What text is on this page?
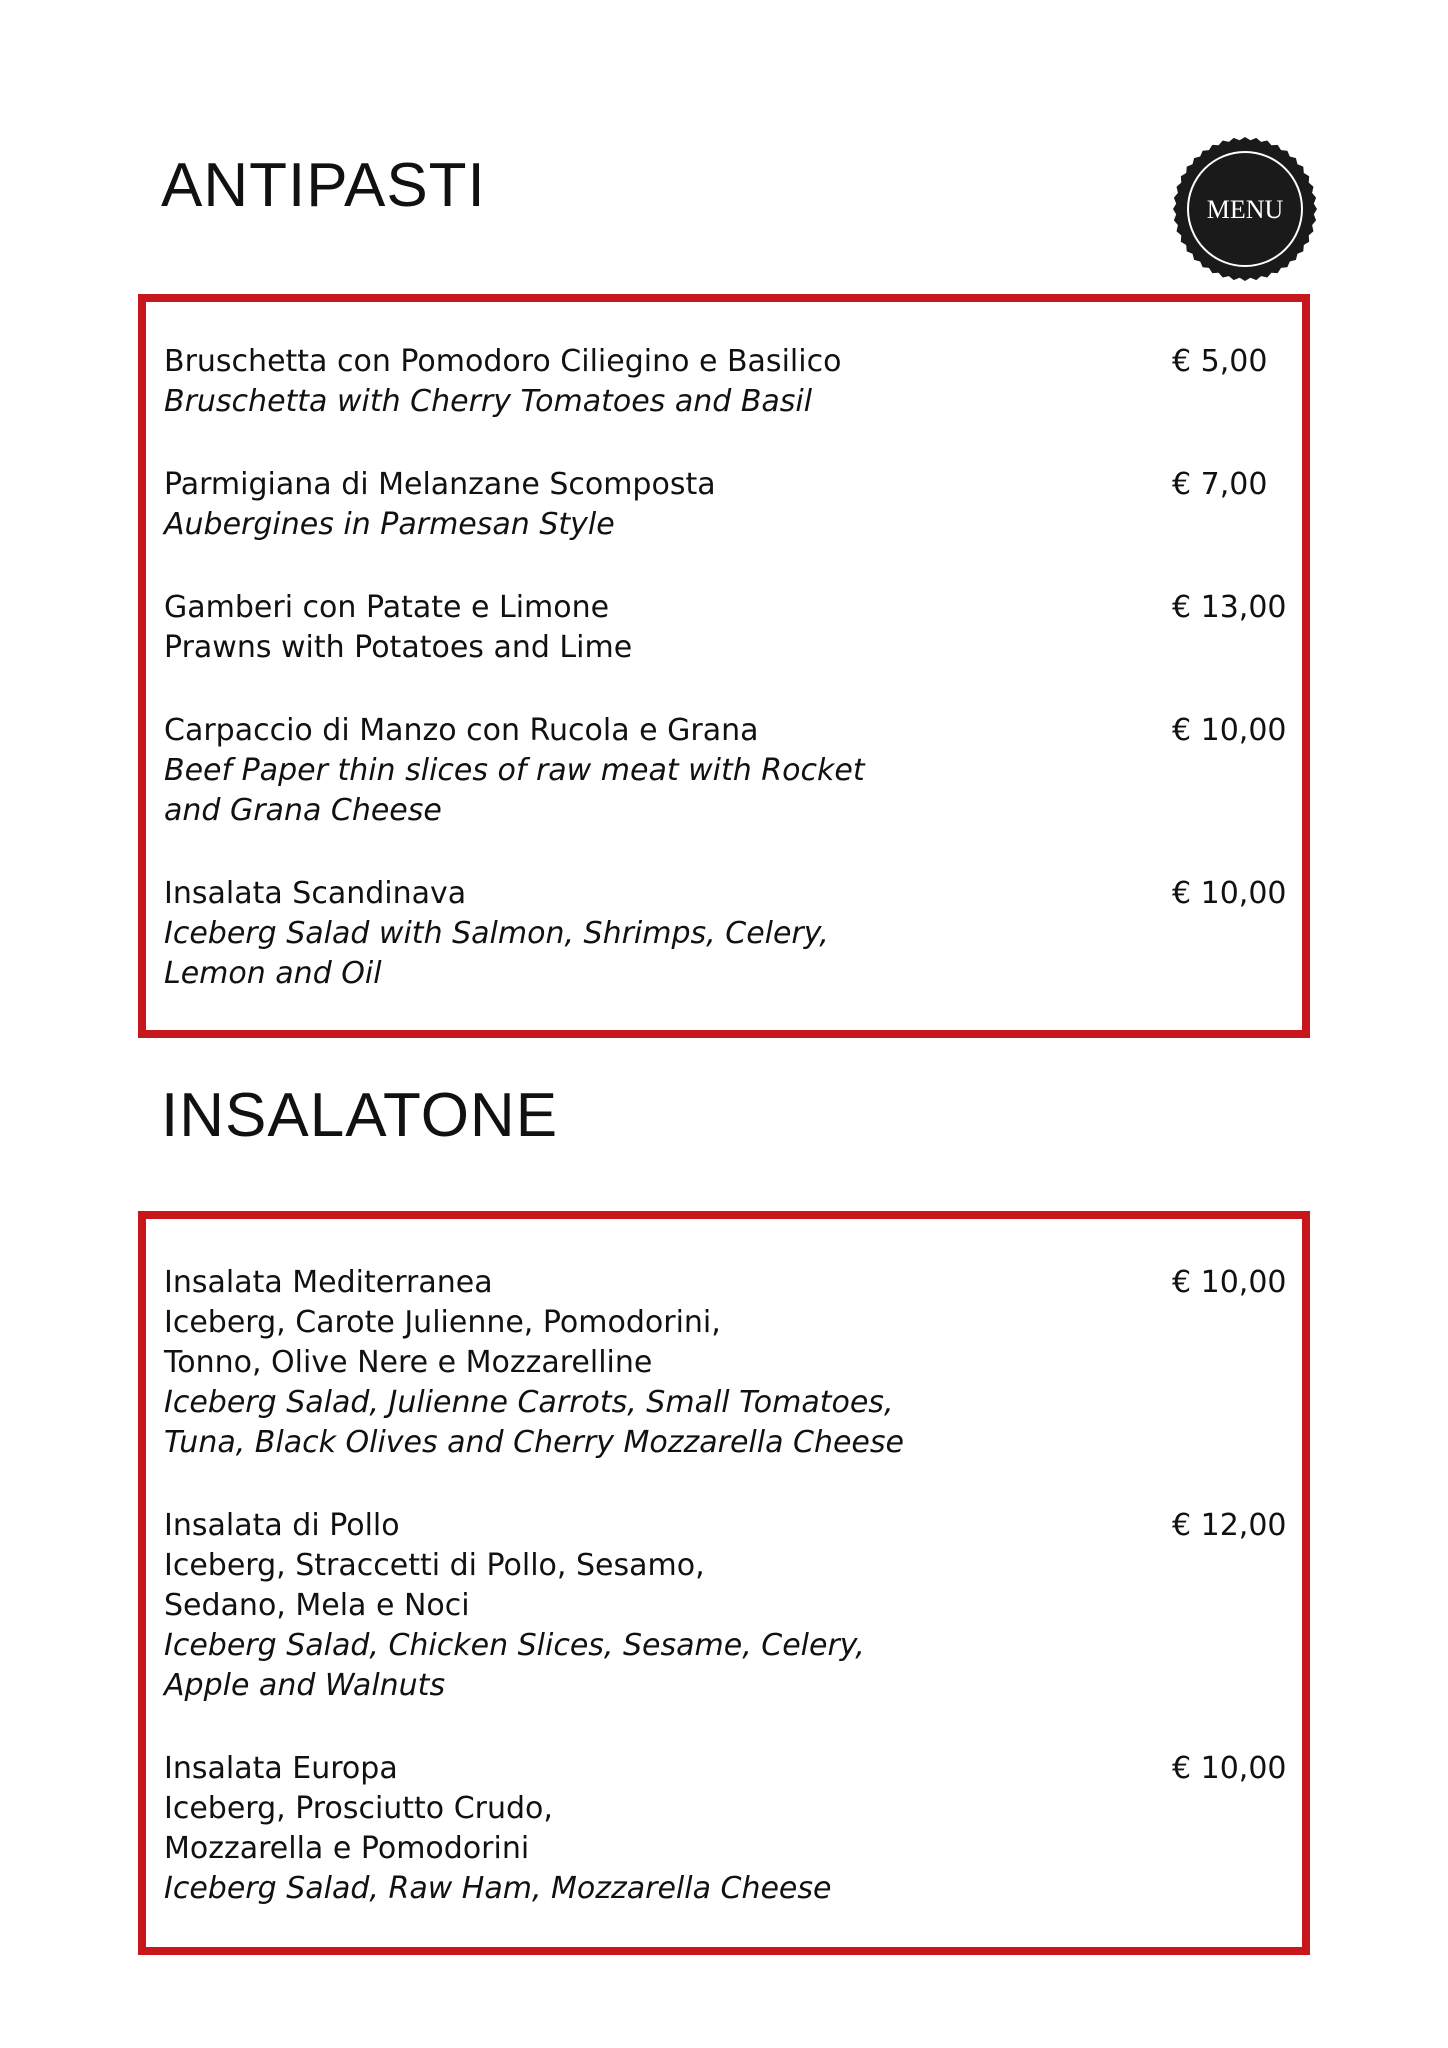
ANTIPASTI	MENU
Bruschetta con Pomodoro Ciliegino e Basilico
Bruschetta with Cherry Tomatoes and Basil
€ 5,00
Parmigiana di Melanzane Scomposta
Aubergines in Parmesan Style
€ 7,00
Gamberi con Patate e Limone
Prawns with Potatoes and Lime
€ 13,00
Carpaccio di Manzo con Rucola e Grana
Beef Paper thin slices of raw meat with Rocket
and Grana Cheese
€ 10,00
Insalata Scandinava
Iceberg Salad with Salmon, Shrimps, Celery,
Lemon and Oil
€ 10,00
INSALATONE
Insalata Mediterranea
Iceberg, Carote Julienne, Pomodorini,
Tonno, Olive Nere e Mozzarelline
Iceberg Salad, Julienne Carrots, Small Tomatoes,
Tuna, Black Olives and Cherry Mozzarella Cheese
€ 10,00
Insalata di Pollo
Iceberg, Straccetti di Pollo, Sesamo,
Sedano, Mela e Noci
Iceberg Salad, Chicken Slices, Sesame, Celery,
Apple and Walnuts
€ 12,00
Insalata Europa
Iceberg, Prosciutto Crudo,
Mozzarella e Pomodorini
Iceberg Salad, Raw Ham, Mozzarella Cheese
€ 10,00
